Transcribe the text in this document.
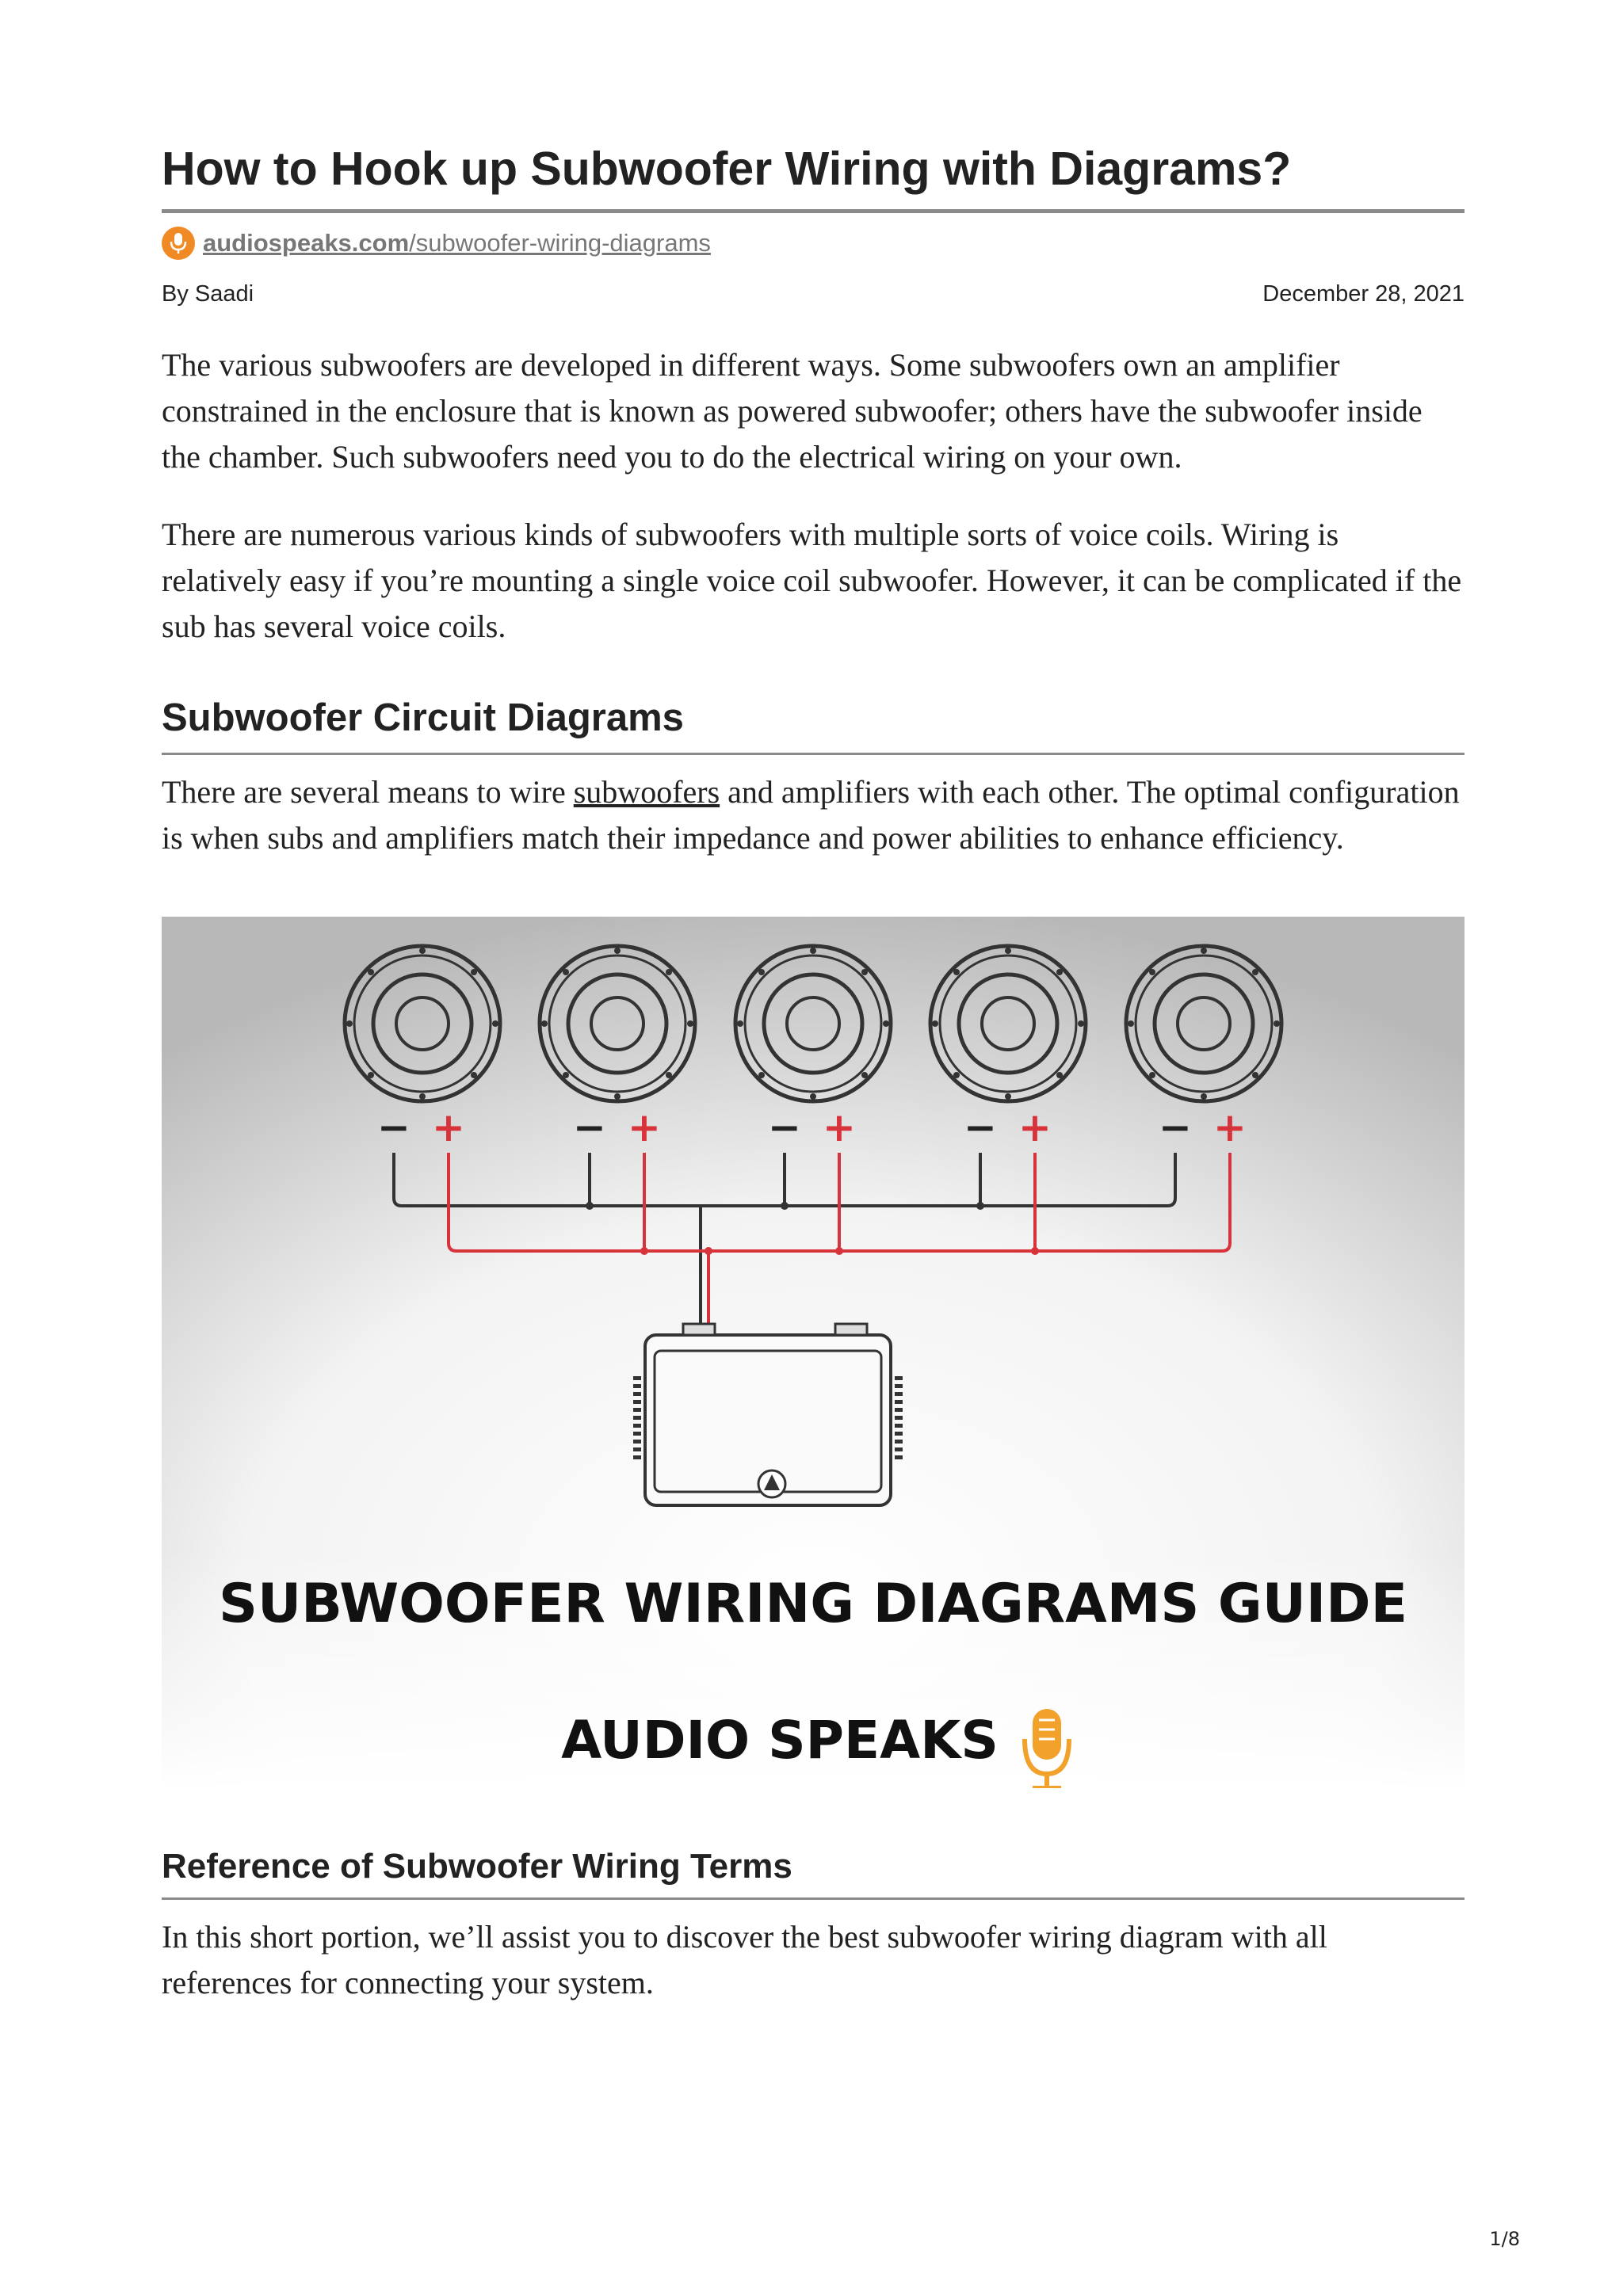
How to Hook up Subwoofer Wiring with Diagrams?
audiospeaks.com/subwoofer-wiring-diagrams
By Saadi	December 28, 2021

The various subwoofers are developed in different ways. Some subwoofers own an amplifier constrained in the enclosure that is known as powered subwoofer; others have the subwoofer inside the chamber. Such subwoofers need you to do the electrical wiring on your own.

There are numerous various kinds of subwoofers with multiple sorts of voice coils. Wiring is relatively easy if you’re mounting a single voice coil subwoofer. However, it can be complicated if the sub has several voice coils.

Subwoofer Circuit Diagrams

There are several means to wire subwoofers and amplifiers with each other. The optimal configuration is when subs and amplifiers match their impedance and power abilities to enhance efficiency.

− +	− +	− +	− +	− +
SUBWOOFER WIRING DIAGRAMS GUIDE
AUDIO SPEAKS
Reference of Subwoofer Wiring Terms

In this short portion, we’ll assist you to discover the best subwoofer wiring diagram with all references for connecting your system.

1/8
